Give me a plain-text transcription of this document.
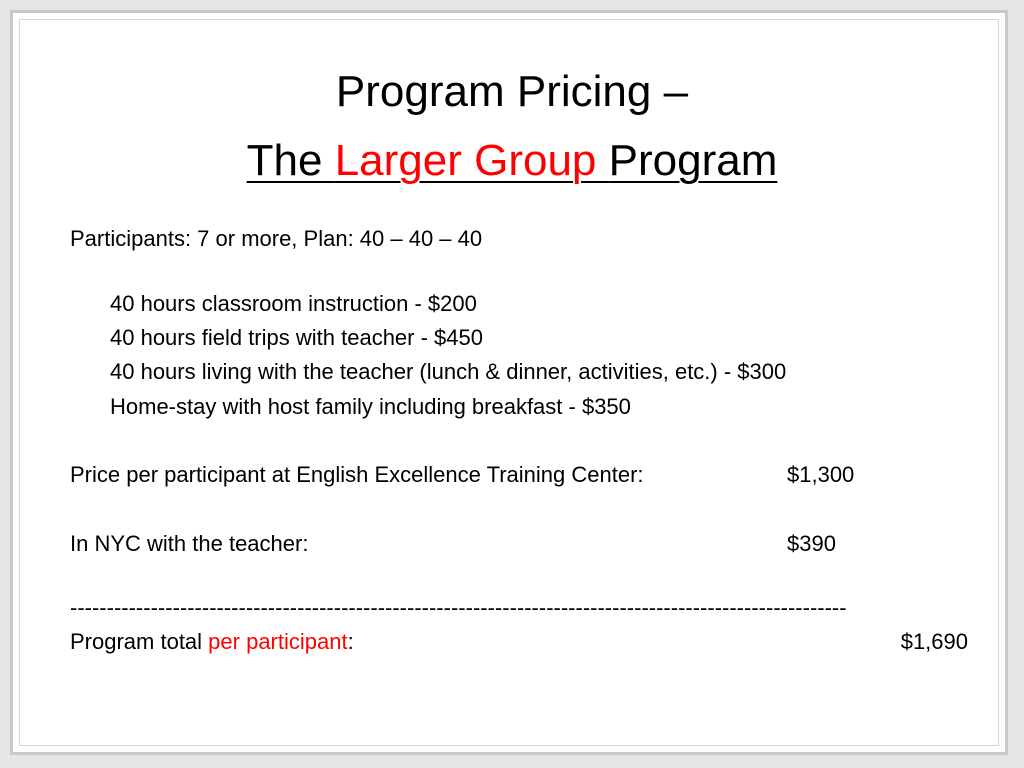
Program Pricing –
The Larger Group Program
Participants: 7 or more, Plan: 40 – 40 – 40
40 hours classroom instruction - $200
40 hours field trips with teacher - $450
40 hours living with the teacher (lunch & dinner, activities, etc.) - $300
Home-stay with host family including breakfast - $350
Price per participant at English Excellence Training Center:	$1,300
In NYC with the teacher:	$390
----------------------------------------------------------------------------------------------------------
Program total per participant:	$1,690
